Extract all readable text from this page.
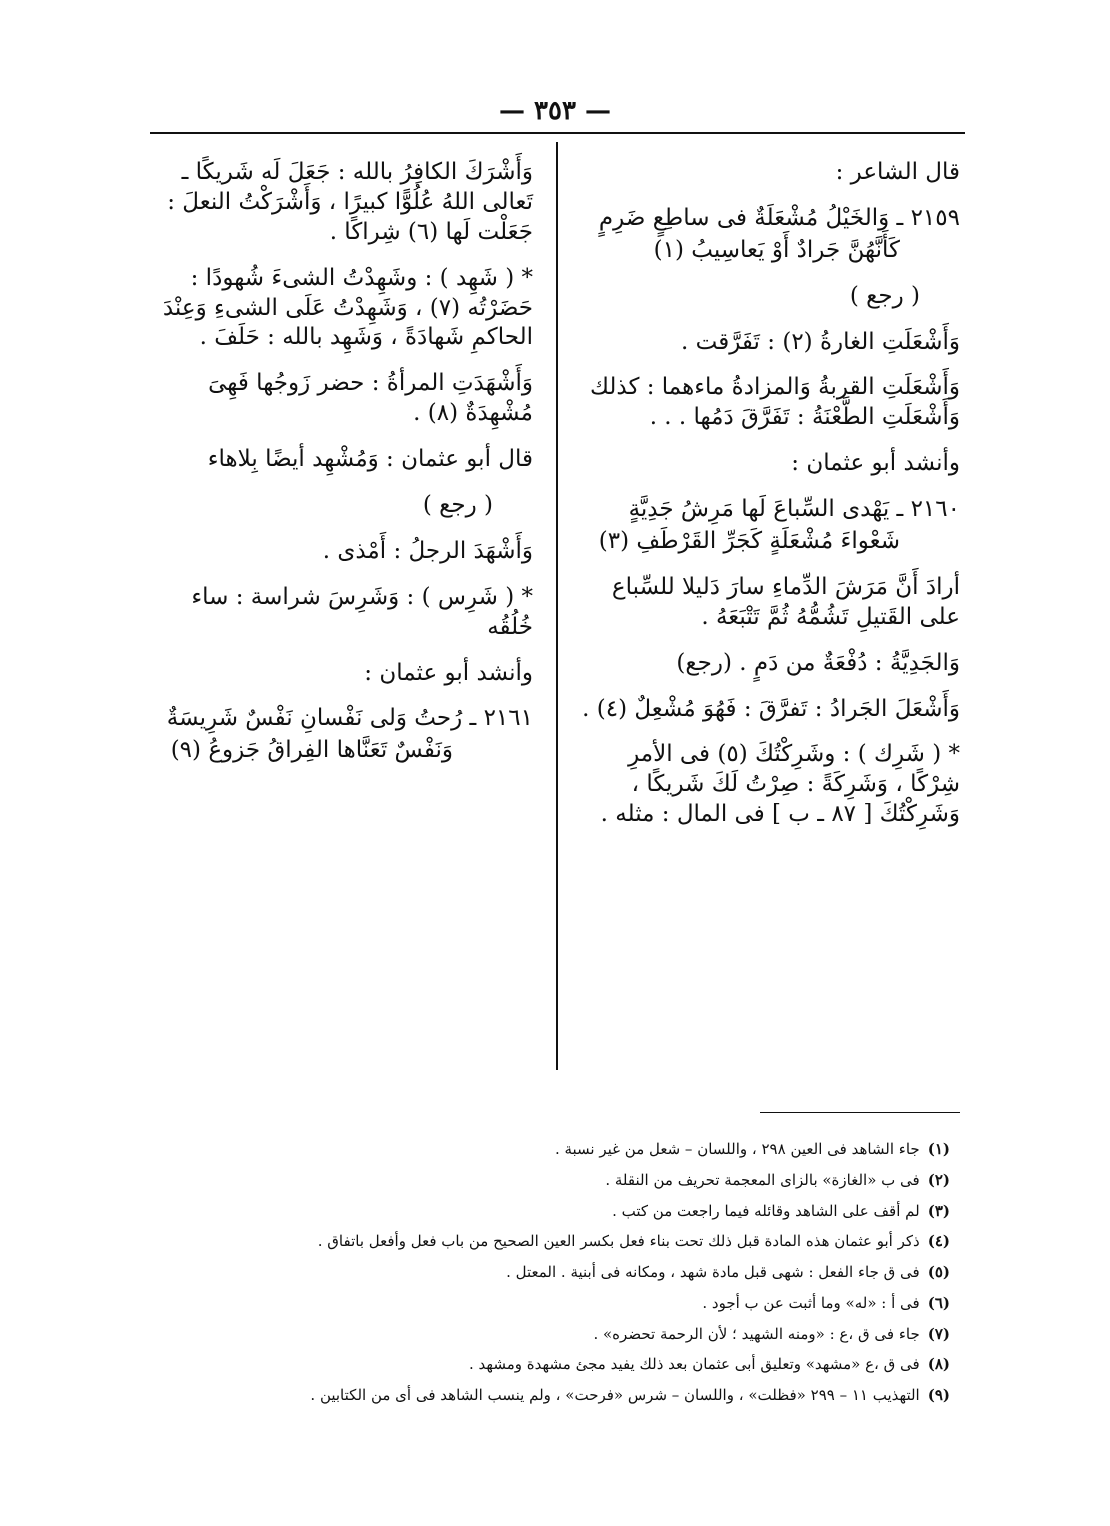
— ٣٥٣ —

قال الشاعر :

٢١٥٩ ـ وَالخَيْلُ مُشْعَلَةٌ فى ساطِعٍ ضَرِمٍ

كَأَنَّهُنَّ جَرادٌ أَوْ يَعاسِيبُ (١)

( رجع )

وَأَشْعَلَتِ الغارةُ (٢) : تَفَرَّقت .

وَأَشْعَلَتِ القربةُ وَالمزادةُ ماءهما : كذلك وَأَشْعَلَتِ الطَّعْنَةُ : تَفَرَّقَ دَمُها . . .

وأنشد أبو عثمان :

٢١٦٠ ـ يَهْدى السِّباعَ لَها مَرِشُ جَدِيَّةٍ

شَعْواءَ مُشْعَلَةٍ كَجَرِّ القَرْطَفِ (٣)

أرادَ أَنَّ مَرَشَ الدِّماءِ سارَ دَليلا للسِّباع على القَتيلِ تَشُمُّهُ ثُمَّ تَتْبَعَهُ .

وَالجَدِيَّةُ : دُفْعَةٌ من دَمٍ . (رجع)

وَأَشْعَلَ الجَرادُ : تَفرَّقَ : فَهُوَ مُشْعِلٌ (٤) .

* ( شَرِك ) : وشَرِكْتُكَ (٥) فى الأمرِ شِرْكًا ، وَشَرِكَةً : صِرْتُ لَكَ شَريكًا ، وَشَرِكْتُكَ [ ٨٧ ـ ب ] فى المال : مثله .

وَأَشْرَكَ الكافِرُ بالله : جَعَلَ لَه شَريكًا ـ تَعالى اللهُ عُلُوًّا كبيرًا ، وَأَشْرَكْتُ النعلَ : جَعَلْت لَها (٦) شِراكًا .

* ( شَهِد ) : وشَهِدْتُ الشىءَ شُهودًا : حَضَرْتُه (٧) ، وَشَهِدْتُ عَلَى الشىءِ وَعِنْدَ الحاكمِ شَهادَةً ، وَشَهِد بالله : حَلَفَ .

وَأَشْهَدَتِ المرأةُ : حضر زَوجُها فَهِىَ مُشْهِدَةٌ (٨) .

قال أبو عثمان : وَمُشْهِد أيضًا بِلاهاء

( رجع )

وَأَشْهَدَ الرجلُ : أَمْذى .

* ( شَرِس ) : وَشَرِسَ شراسة : ساء خُلُقُه

وأنشد أبو عثمان :

٢١٦١ ـ رُحتُ وَلى نَفْسانِ نَفْسٌ شَرِيسَةٌ

وَنَفْسٌ تَعَنَّاها الفِراقُ جَزوعُ (٩)

(١)جاء الشاهد فى العين ٢٩٨ ، واللسان – شعل من غير نسبة .
(٢)فى ب «الغازة» بالزاى المعجمة تحريف من النقلة .
(٣)لم أقف على الشاهد وقائله فيما راجعت من كتب .
(٤)ذكر أبو عثمان هذه المادة قبل ذلك تحت بناء فعل بكسر العين الصحيح من باب فعل وأفعل باتفاق .
(٥)فى ق جاء الفعل : شهى قبل مادة شهد ، ومكانه فى أبنية . المعتل .
(٦)فى أ : «له» وما أثبت عن ب أجود .
(٧)جاء فى ق ،ع : «ومنه الشهيد ؛ لأن الرحمة تحضره» .
(٨)فى ق ،ع «مشهد» وتعليق أبى عثمان بعد ذلك يفيد مجئ مشهدة ومشهد .
(٩)التهذيب ١١ – ٢٩٩ «فظلت» ، واللسان – شرس «فرحت» ، ولم ينسب الشاهد فى أى من الكتابين .
